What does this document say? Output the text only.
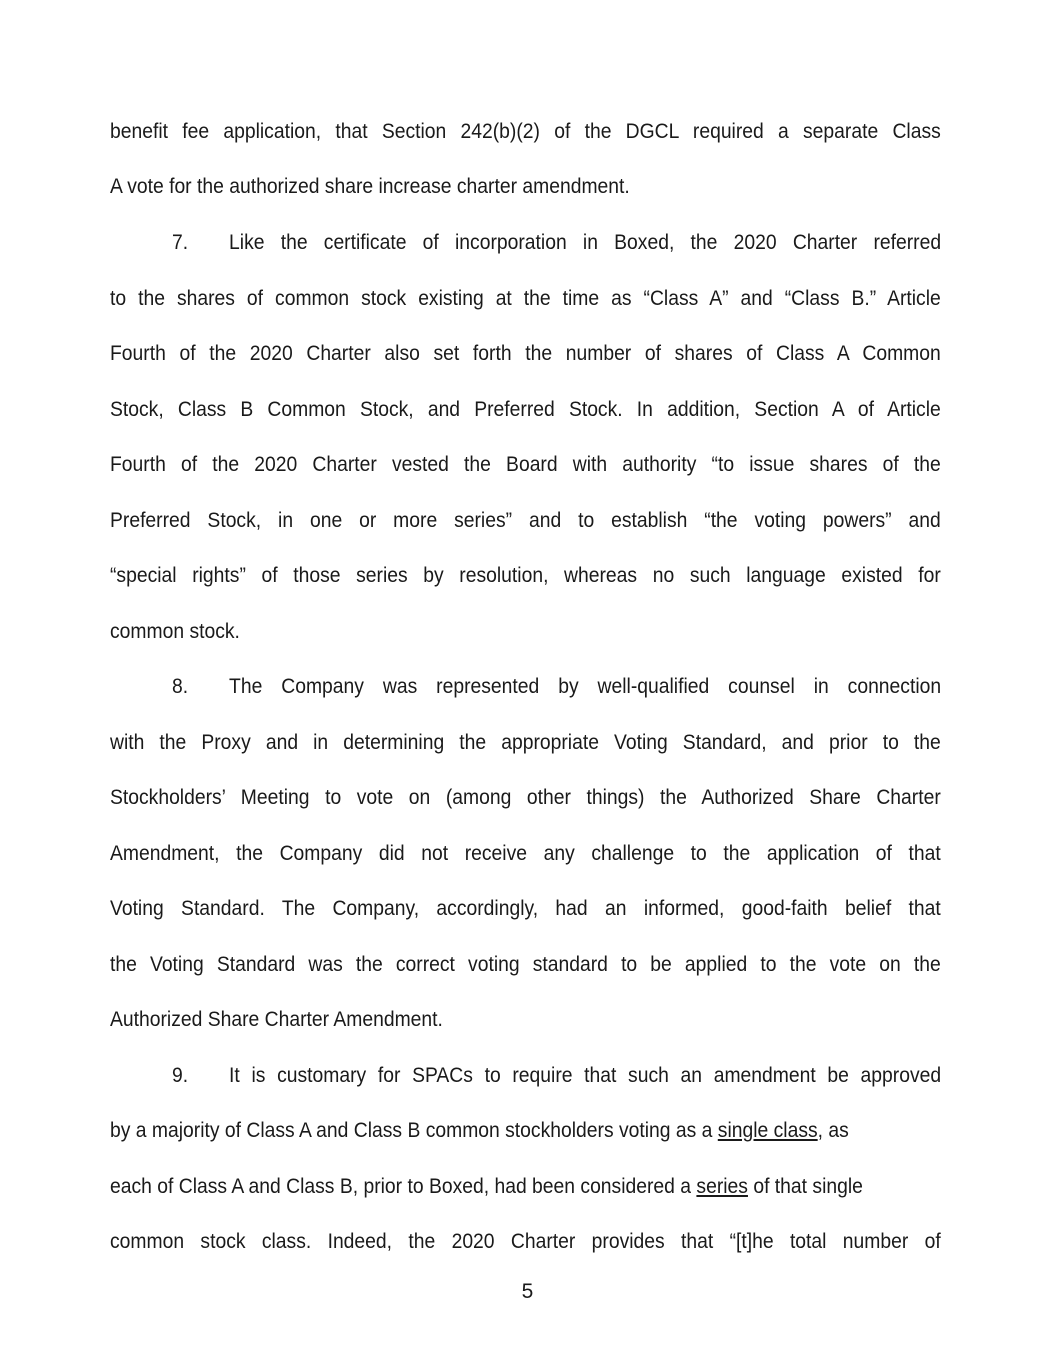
benefit fee application, that Section 242(b)(2) of the DGCL required a separate Class
A vote for the authorized share increase charter amendment.
7. Like the certificate of incorporation in Boxed, the 2020 Charter referred
to the shares of common stock existing at the time as “Class A” and “Class B.” Article
Fourth of the 2020 Charter also set forth the number of shares of Class A Common
Stock, Class B Common Stock, and Preferred Stock. In addition, Section A of Article
Fourth of the 2020 Charter vested the Board with authority “to issue shares of the
Preferred Stock, in one or more series” and to establish “the voting powers” and
“special rights” of those series by resolution, whereas no such language existed for
common stock.
8. The Company was represented by well-qualified counsel in connection
with the Proxy and in determining the appropriate Voting Standard, and prior to the
Stockholders’ Meeting to vote on (among other things) the Authorized Share Charter
Amendment, the Company did not receive any challenge to the application of that
Voting Standard. The Company, accordingly, had an informed, good-faith belief that
the Voting Standard was the correct voting standard to be applied to the vote on the
Authorized Share Charter Amendment.
9. It is customary for SPACs to require that such an amendment be approved
by a majority of Class A and Class B common stockholders voting as a single class, as
each of Class A and Class B, prior to Boxed, had been considered a series of that single
common stock class. Indeed, the 2020 Charter provides that “[t]he total number of
5
